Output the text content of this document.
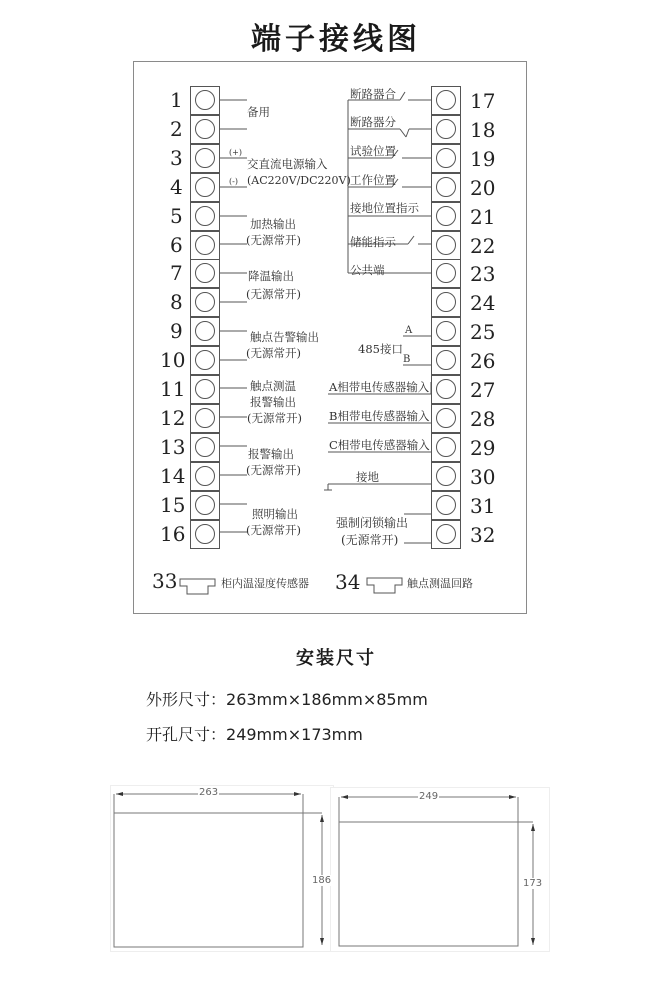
端子接线图
1
2
3
4
5
6
7
8
9
10
11
12
13
14
15
16
17
18
19
20
21
22
23
24
25
26
27
28
29
30
31
32
备用
(+)
(-)
交直流电源输入
(AC220V/DC220V)
加热输出
(无源常开)
降温输出
(无源常开)
触点告警输出
(无源常开)
触点测温
报警输出
(无源常开)
报警输出
(无源常开)
照明输出
(无源常开)
断路器合
断路器分
试验位置
工作位置
接地位置指示
储能指示
公共端
A
B
485接口
A相带电传感器输入
B相带电传感器输入
C相带电传感器输入
接地
强制闭锁输出
(无源常开)
33	柜内温湿度传感器 34	触点测温回路
安装尺寸
外形尺寸：263mm×186mm×85mm
开孔尺寸：249mm×173mm
263
186
249
173
